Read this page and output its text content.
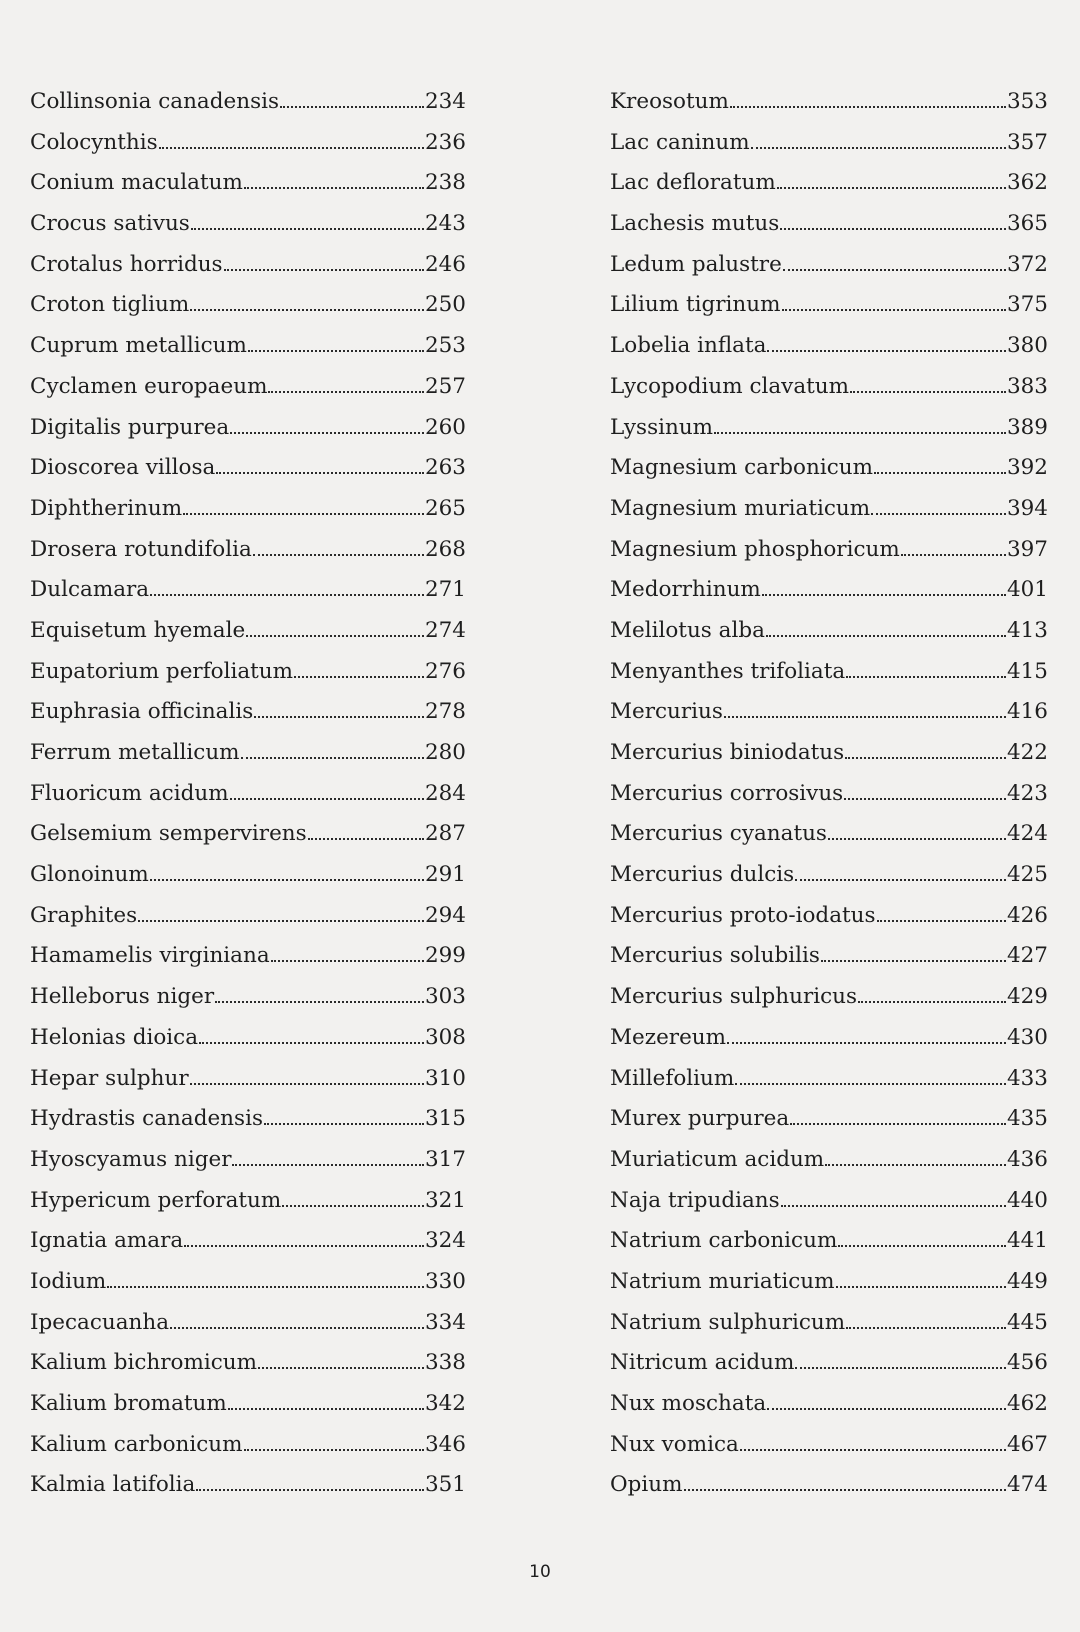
Collinsonia canadensis	234
Colocynthis	236
Conium maculatum	238
Crocus sativus	243
Crotalus horridus	246
Croton tiglium	250
Cuprum metallicum	253
Cyclamen europaeum	257
Digitalis purpurea	260
Dioscorea villosa	263
Diphtherinum	265
Drosera rotundifolia	268
Dulcamara	271
Equisetum hyemale	274
Eupatorium perfoliatum	276
Euphrasia officinalis	278
Ferrum metallicum	280
Fluoricum acidum	284
Gelsemium sempervirens	287
Glonoinum	291
Graphites	294
Hamamelis virginiana	299
Helleborus niger	303
Helonias dioica	308
Hepar sulphur	310
Hydrastis canadensis	315
Hyoscyamus niger	317
Hypericum perforatum	321
Ignatia amara	324
Iodium	330
Ipecacuanha	334
Kalium bichromicum	338
Kalium bromatum	342
Kalium carbonicum	346
Kalmia latifolia	351
Kreosotum	353
Lac caninum	357
Lac defloratum	362
Lachesis mutus	365
Ledum palustre	372
Lilium tigrinum	375
Lobelia inflata	380
Lycopodium clavatum	383
Lyssinum	389
Magnesium carbonicum	392
Magnesium muriaticum	394
Magnesium phosphoricum	397
Medorrhinum	401
Melilotus alba	413
Menyanthes trifoliata	415
Mercurius	416
Mercurius biniodatus	422
Mercurius corrosivus	423
Mercurius cyanatus	424
Mercurius dulcis	425
Mercurius proto-iodatus	426
Mercurius solubilis	427
Mercurius sulphuricus	429
Mezereum	430
Millefolium	433
Murex purpurea	435
Muriaticum acidum	436
Naja tripudians	440
Natrium carbonicum	441
Natrium muriaticum	449
Natrium sulphuricum	445
Nitricum acidum	456
Nux moschata	462
Nux vomica	467
Opium	474
10
